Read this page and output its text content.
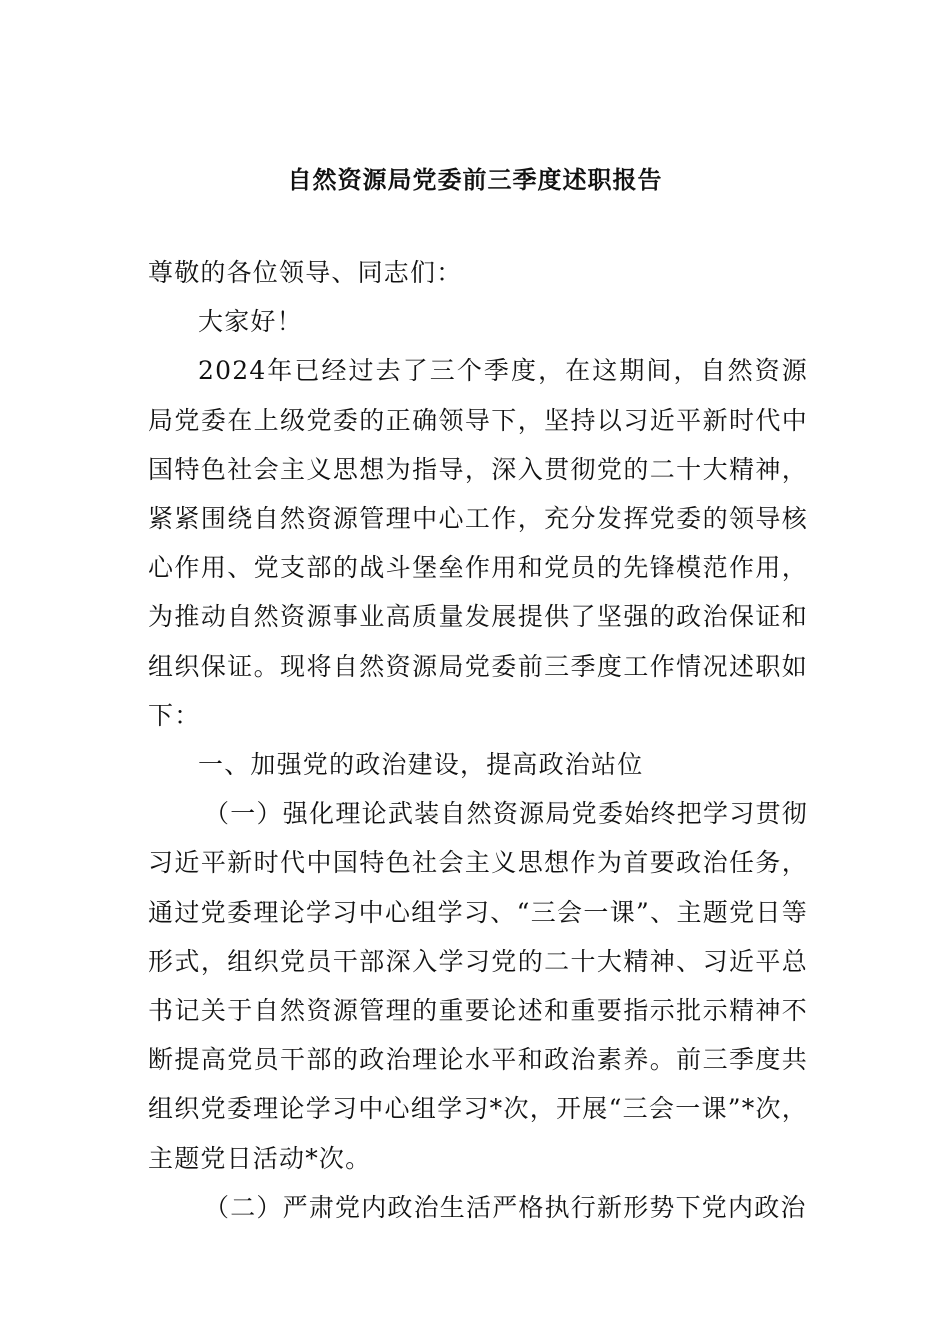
自然资源局党委前三季度述职报告

尊敬的各位领导、同志们：

大家好！

2024年已经过去了三个季度，在这期间，自然资源局党委在上级党委的正确领导下，坚持以习近平新时代中国特色社会主义思想为指导，深入贯彻党的二十大精神，紧紧围绕自然资源管理中心工作，充分发挥党委的领导核心作用、党支部的战斗堡垒作用和党员的先锋模范作用，为推动自然资源事业高质量发展提供了坚强的政治保证和组织保证。现将自然资源局党委前三季度工作情况述职如下：

一、加强党的政治建设，提高政治站位

（一）强化理论武装自然资源局党委始终把学习贯彻习近平新时代中国特色社会主义思想作为首要政治任务，通过党委理论学习中心组学习、“三会一课”、主题党日等形式，组织党员干部深入学习党的二十大精神、习近平总书记关于自然资源管理的重要论述和重要指示批示精神不断提高党员干部的政治理论水平和政治素养。前三季度共组织党委理论学习中心组学习*次，开展“三会一课”*次，主题党日活动*次。

（二）严肃党内政治生活严格执行新形势下党内政治
